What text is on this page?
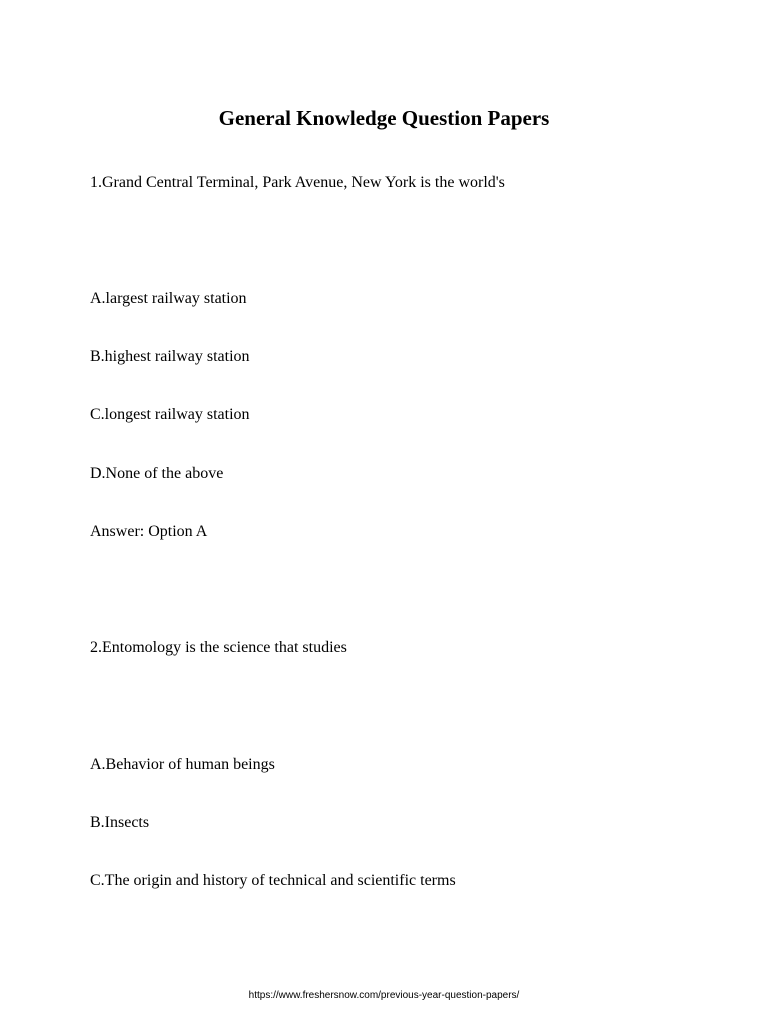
General Knowledge Question Papers

1.Grand Central Terminal, Park Avenue, New York is the world's

A.largest railway station

B.highest railway station

C.longest railway station

D.None of the above

Answer: Option A

2.Entomology is the science that studies

A.Behavior of human beings

B.Insects

C.The origin and history of technical and scientific terms

https://www.freshersnow.com/previous-year-question-papers/
